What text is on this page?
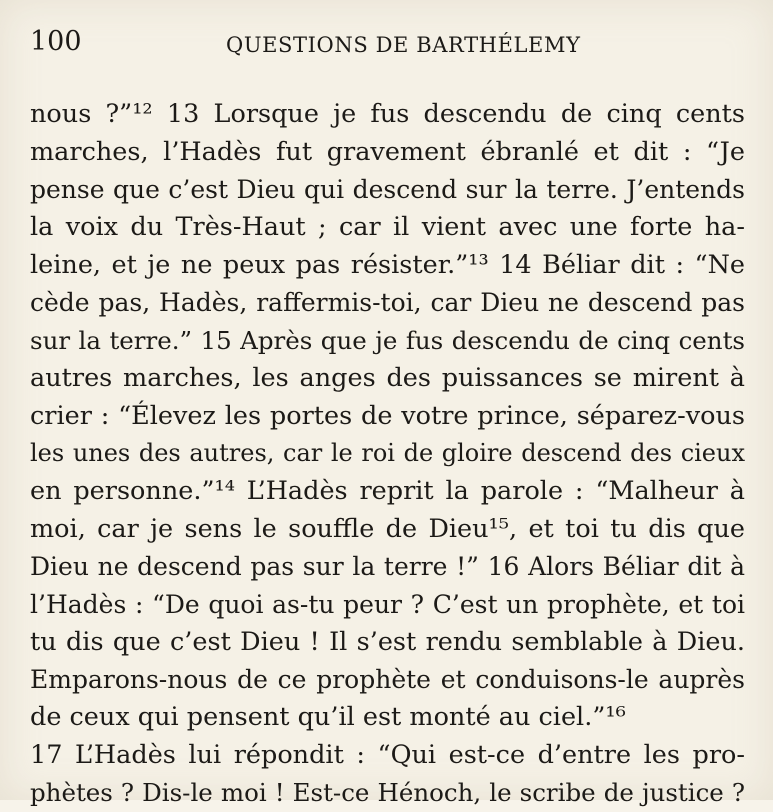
100	QUESTIONS DE BARTHÉLEMY
nous ?”¹² 13 Lorsque je fus descendu de cinq cents
marches, l’Hadès fut gravement ébranlé et dit : “Je
pense que c’est Dieu qui descend sur la terre. J’entends
la voix du Très-Haut ; car il vient avec une forte ha-
leine, et je ne peux pas résister.”¹³ 14 Béliar dit : “Ne
cède pas, Hadès, raffermis-toi, car Dieu ne descend pas
sur la terre.” 15 Après que je fus descendu de cinq cents
autres marches, les anges des puissances se mirent à
crier : “Élevez les portes de votre prince, séparez-vous
les unes des autres, car le roi de gloire descend des cieux
en personne.”¹⁴ L’Hadès reprit la parole : “Malheur à
moi, car je sens le souffle de Dieu¹⁵, et toi tu dis que
Dieu ne descend pas sur la terre !” 16 Alors Béliar dit à
l’Hadès : “De quoi as-tu peur ? C’est un prophète, et toi
tu dis que c’est Dieu ! Il s’est rendu semblable à Dieu.
Emparons-nous de ce prophète et conduisons-le auprès
de ceux qui pensent qu’il est monté au ciel.”¹⁶
17 L’Hadès lui répondit : “Qui est-ce d’entre les pro-
phètes ? Dis-le moi ! Est-ce Hénoch, le scribe de justice ?
